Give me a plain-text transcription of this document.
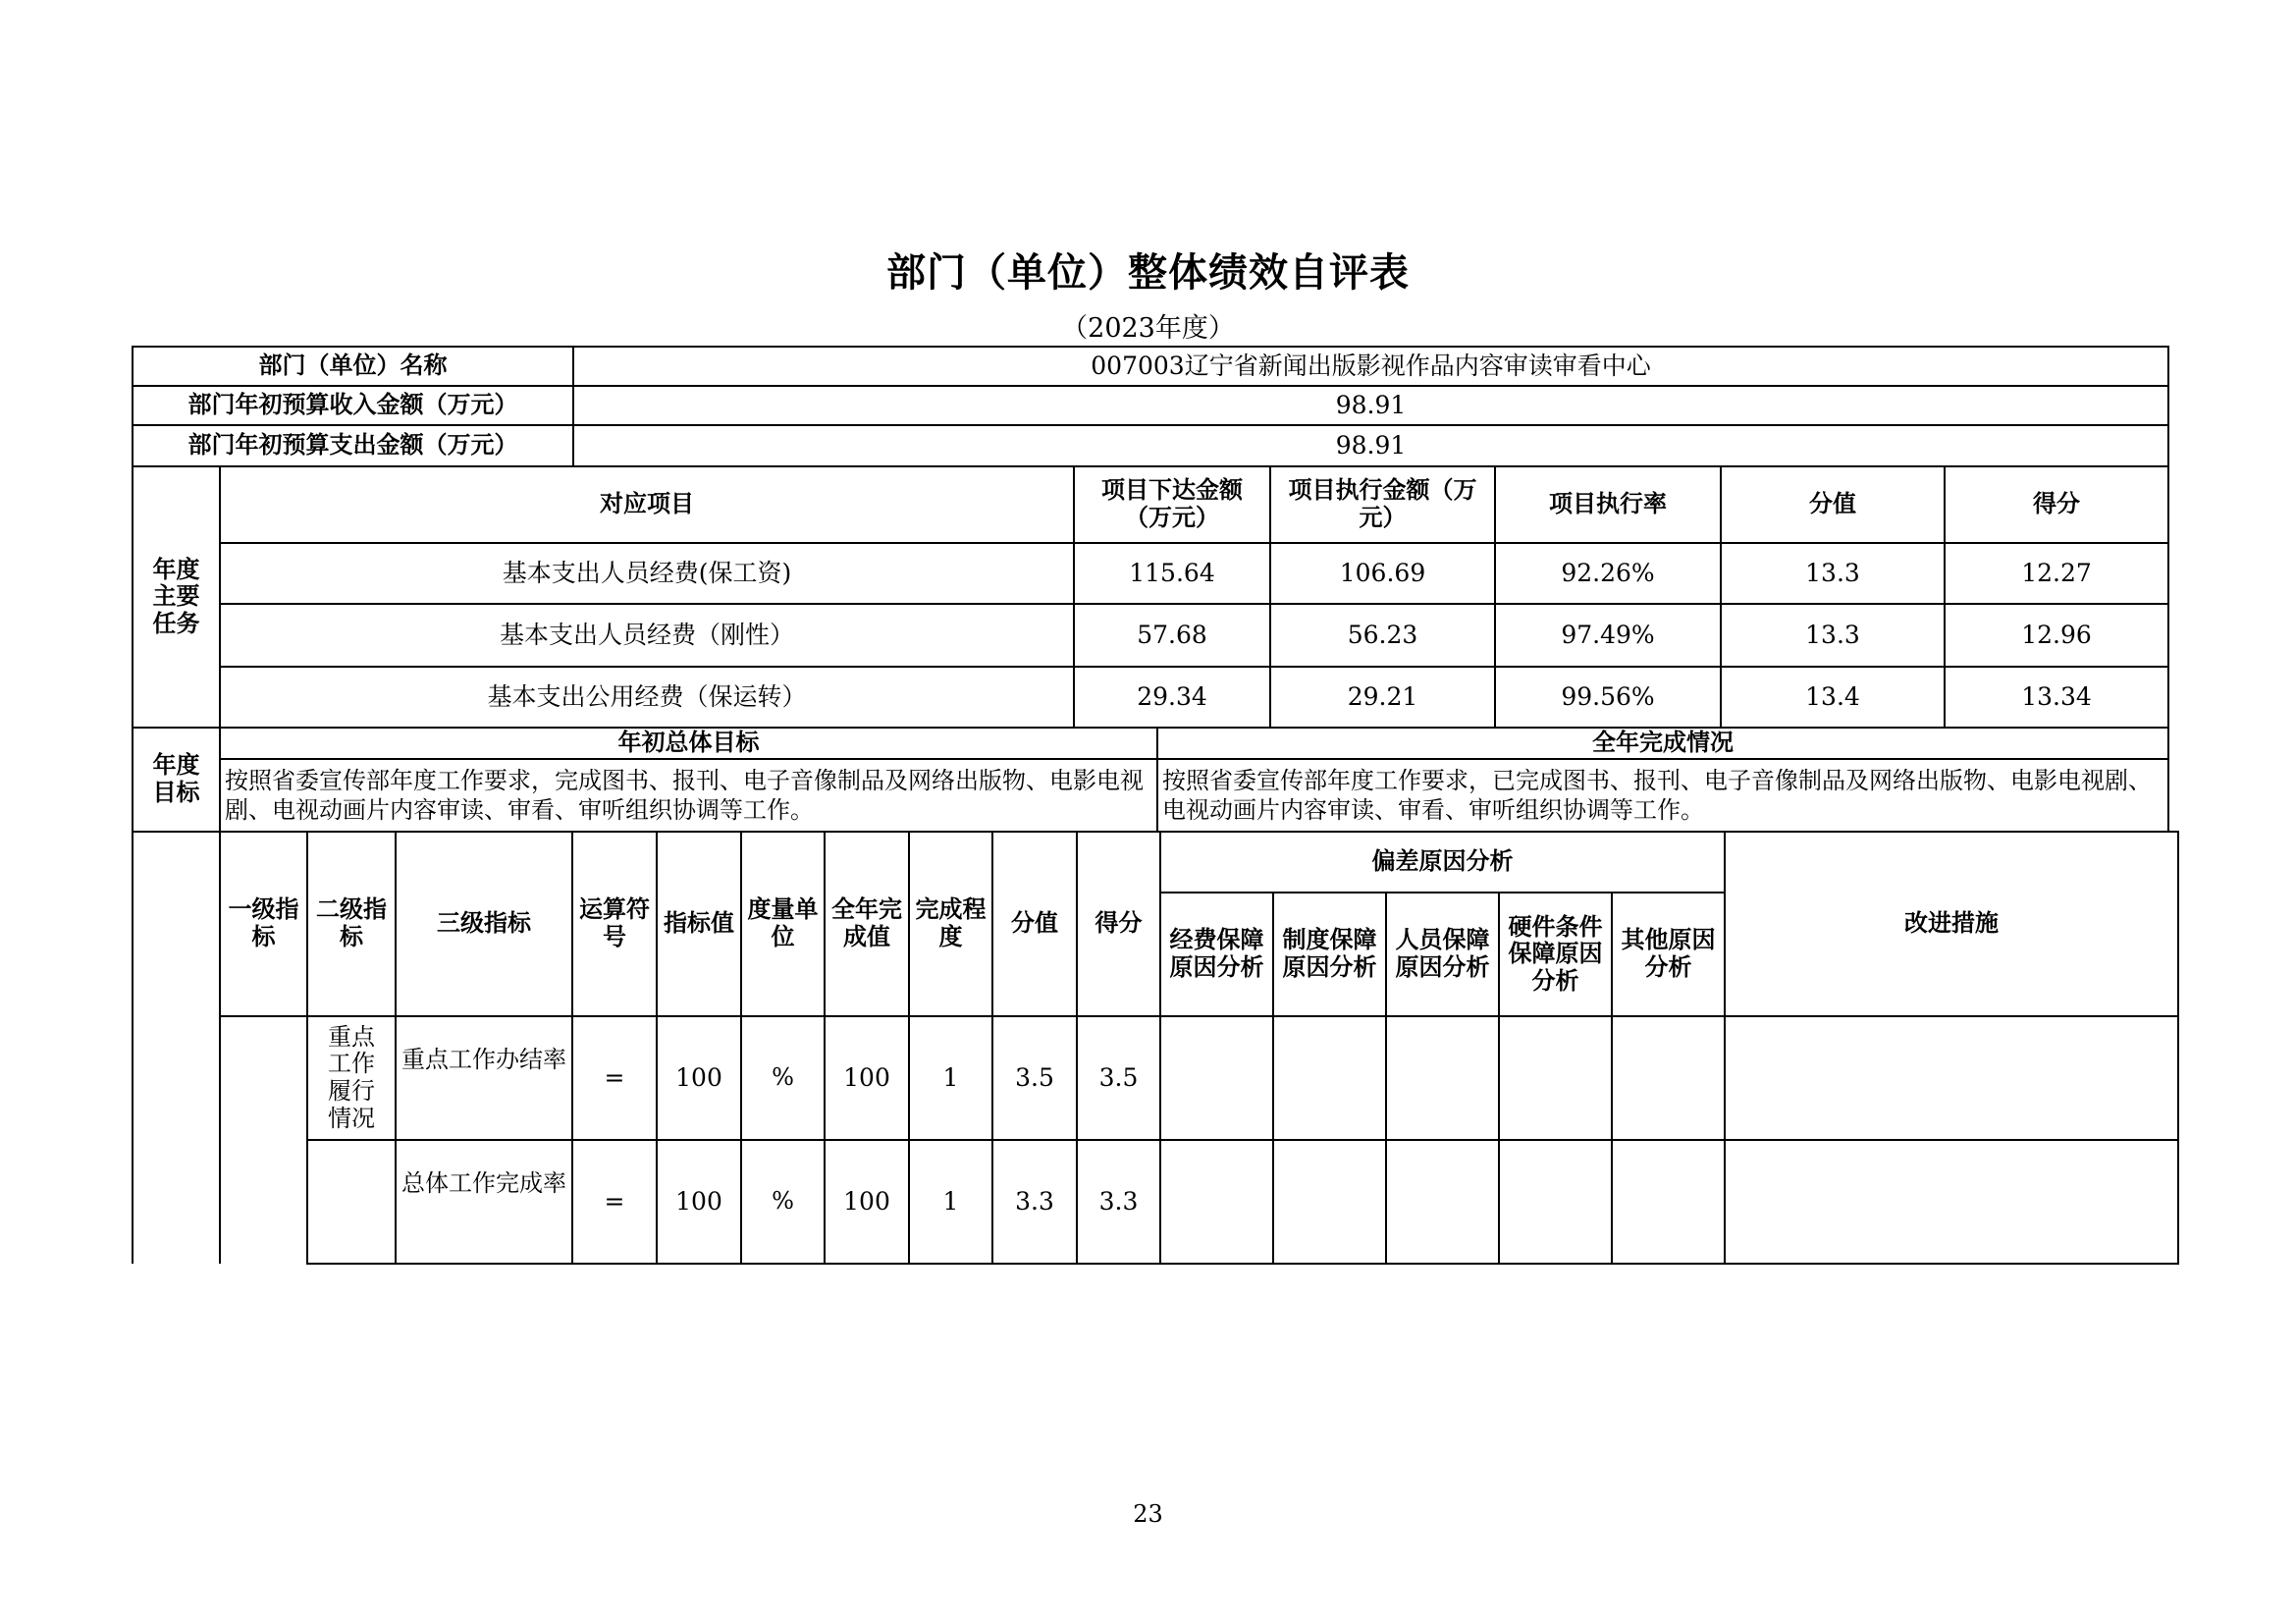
部门（单位）整体绩效自评表
（2023年度）
部门（单位）名称	007003辽宁省新闻出版影视作品内容审读审看中心
部门年初预算收入金额（万元）	98.91
部门年初预算支出金额（万元）	98.91
年度主要任务	对应项目	项目下达金额（万元）	项目执行金额（万元）	项目执行率	分值	得分
	基本支出人员经费(保工资)	115.64	106.69	92.26%	13.3	12.27
	基本支出人员经费（刚性）	57.68	56.23	97.49%	13.3	12.96
	基本支出公用经费（保运转）	29.34	29.21	99.56%	13.4	13.34
年度目标	年初总体目标	全年完成情况
	按照省委宣传部年度工作要求，完成图书、报刊、电子音像制品及网络出版物、电影电视剧、电视动画片内容审读、审看、审听组织协调等工作。	按照省委宣传部年度工作要求，已完成图书、报刊、电子音像制品及网络出版物、电影电视剧、电视动画片内容审读、审看、审听组织协调等工作。
	一级指标	二级指标	三级指标	运算符号	指标值	度量单位	全年完成值	完成程度	分值	得分	偏差原因分析					改进措施
											经费保障原因分析	制度保障原因分析	人员保障原因分析	硬件条件保障原因分析	其他原因分析	

		重点工作履行情况	重点工作办结率	=	100	%	100	1	3.5	3.5						
			总体工作完成率	=	100	%	100	1	3.3	3.3						
23
